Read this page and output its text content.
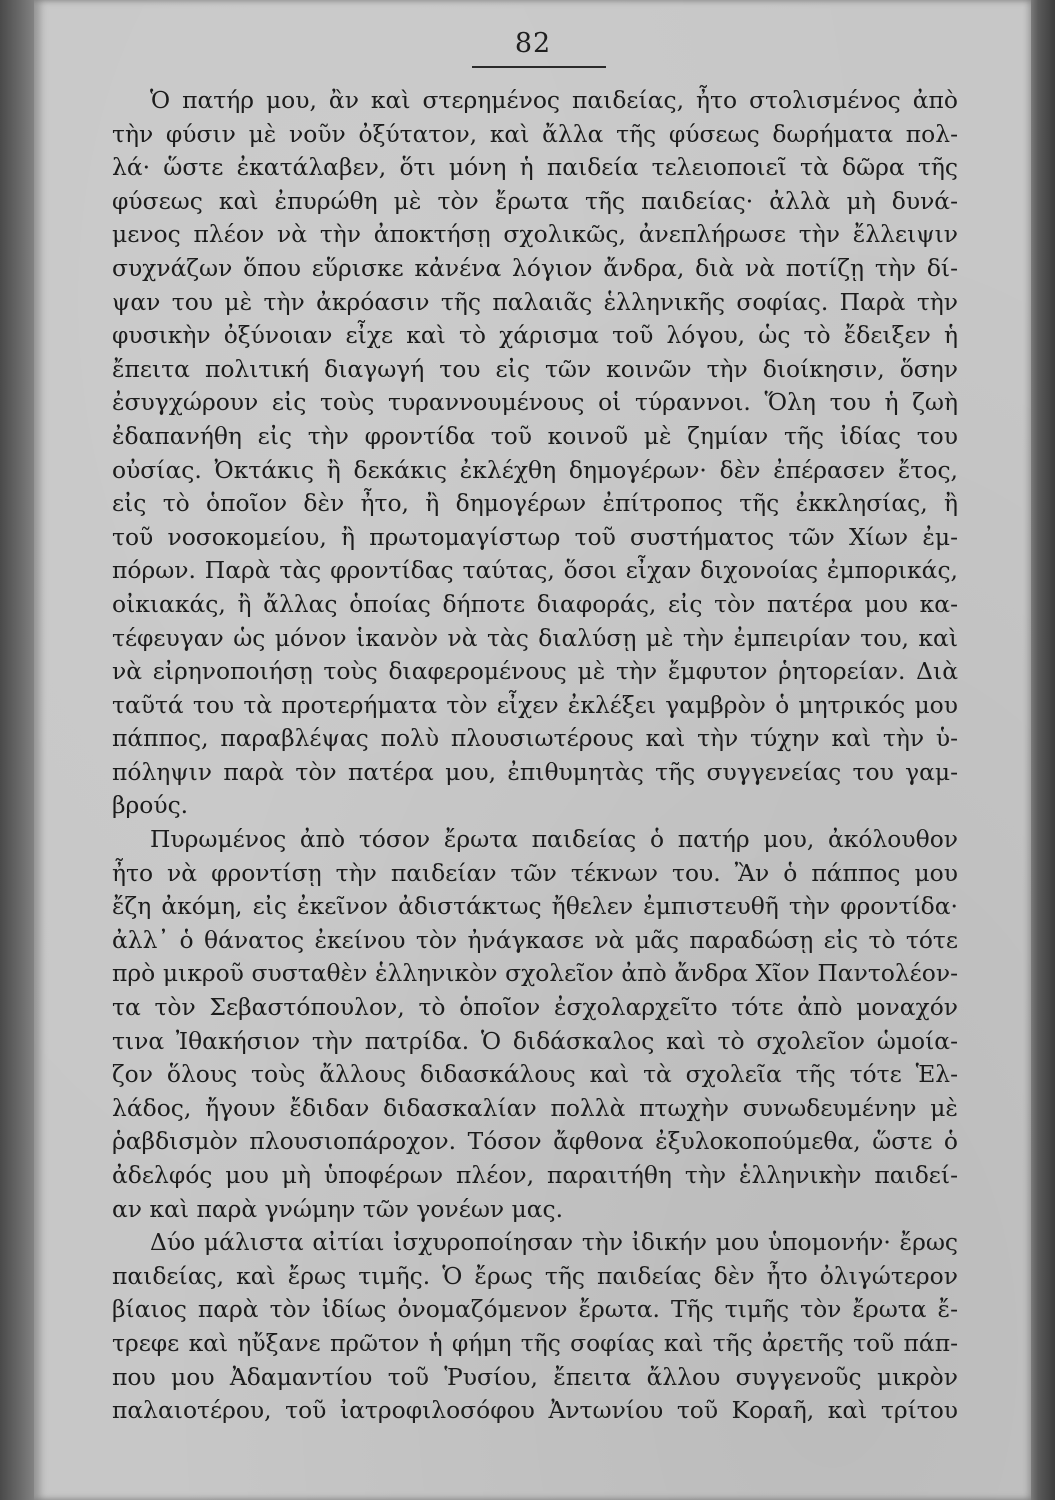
82
Ὁ πατήρ μου, ἂν καὶ στερημένος παιδείας, ἦτο στολισμένος ἀπὸ
τὴν φύσιν μὲ νοῦν ὀξύτατον, καὶ ἄλλα τῆς φύσεως δωρήματα πολ-
λά· ὥστε ἐκατάλαβεν, ὅτι μόνη ἡ παιδεία τελειοποιεῖ τὰ δῶρα τῆς
φύσεως καὶ ἐπυρώθη μὲ τὸν ἔρωτα τῆς παιδείας· ἀλλὰ μὴ δυνά-
μενος πλέον νὰ τὴν ἀποκτήσῃ σχολικῶς, ἀνεπλήρωσε τὴν ἔλλειψιν
συχνάζων ὅπου εὕρισκε κἀνένα λόγιον ἄνδρα, διὰ νὰ ποτίζῃ τὴν δί-
ψαν του μὲ τὴν ἀκρόασιν τῆς παλαιᾶς ἑλληνικῆς σοφίας. Παρὰ τὴν
φυσικὴν ὀξύνοιαν εἶχε καὶ τὸ χάρισμα τοῦ λόγου, ὡς τὸ ἔδειξεν ἡ
ἔπειτα πολιτική διαγωγή του εἰς τῶν κοινῶν τὴν διοίκησιν, ὅσην
ἐσυγχώρουν εἰς τοὺς τυραννουμένους οἱ τύραννοι. Ὅλη του ἡ ζωὴ
ἐδαπανήθη εἰς τὴν φροντίδα τοῦ κοινοῦ μὲ ζημίαν τῆς ἰδίας του
οὐσίας. Ὀκτάκις ἢ δεκάκις ἐκλέχθη δημογέρων· δὲν ἐπέρασεν ἔτος,
εἰς τὸ ὁποῖον δὲν ἦτο, ἢ δημογέρων ἐπίτροπος τῆς ἐκκλησίας, ἢ
τοῦ νοσοκομείου, ἢ πρωτομαγίστωρ τοῦ συστήματος τῶν Χίων ἐμ-
πόρων. Παρὰ τὰς φροντίδας ταύτας, ὅσοι εἶχαν διχονοίας ἐμπορικάς,
οἰκιακάς, ἢ ἄλλας ὁποίας δήποτε διαφοράς, εἰς τὸν πατέρα μου κα-
τέφευγαν ὡς μόνον ἱκανὸν νὰ τὰς διαλύσῃ μὲ τὴν ἐμπειρίαν του, καὶ
νὰ εἰρηνοποιήσῃ τοὺς διαφερομένους μὲ τὴν ἔμφυτον ῥητορείαν. Διὰ
ταῦτά του τὰ προτερήματα τὸν εἶχεν ἐκλέξει γαμβρὸν ὁ μητρικός μου
πάππος, παραβλέψας πολὺ πλουσιωτέρους καὶ τὴν τύχην καὶ τὴν ὑ-
πόληψιν παρὰ τὸν πατέρα μου, ἐπιθυμητὰς τῆς συγγενείας του γαμ-
βρούς.
Πυρωμένος ἀπὸ τόσον ἔρωτα παιδείας ὁ πατήρ μου, ἀκόλουθον
ἦτο νὰ φροντίσῃ τὴν παιδείαν τῶν τέκνων του. Ἂν ὁ πάππος μου
ἔζη ἀκόμη, εἰς ἐκεῖνον ἀδιστάκτως ἤθελεν ἐμπιστευθῆ τὴν φροντίδα·
ἀλλ᾽ ὁ θάνατος ἐκείνου τὸν ἠνάγκασε νὰ μᾶς παραδώσῃ εἰς τὸ τότε
πρὸ μικροῦ συσταθὲν ἑλληνικὸν σχολεῖον ἀπὸ ἄνδρα Χῖον Παντολέον-
τα τὸν Σεβαστόπουλον, τὸ ὁποῖον ἐσχολαρχεῖτο τότε ἀπὸ μοναχόν
τινα Ἰθακήσιον τὴν πατρίδα. Ὁ διδάσκαλος καὶ τὸ σχολεῖον ὡμοία-
ζον ὅλους τοὺς ἄλλους διδασκάλους καὶ τὰ σχολεῖα τῆς τότε Ἑλ-
λάδος, ἤγουν ἔδιδαν διδασκαλίαν πολλὰ πτωχὴν συνωδευμένην μὲ
ῥαβδισμὸν πλουσιοπάροχον. Τόσον ἄφθονα ἐξυλοκοπούμεθα, ὥστε ὁ
ἀδελφός μου μὴ ὑποφέρων πλέον, παραιτήθη τὴν ἑλληνικὴν παιδεί-
αν καὶ παρὰ γνώμην τῶν γονέων μας.
Δύο μάλιστα αἰτίαι ἰσχυροποίησαν τὴν ἰδικήν μου ὑπομονήν· ἔρως
παιδείας, καὶ ἔρως τιμῆς. Ὁ ἔρως τῆς παιδείας δὲν ἦτο ὀλιγώτερον
βίαιος παρὰ τὸν ἰδίως ὀνομαζόμενον ἔρωτα. Τῆς τιμῆς τὸν ἔρωτα ἔ-
τρεφε καὶ ηὔξανε πρῶτον ἡ φήμη τῆς σοφίας καὶ τῆς ἀρετῆς τοῦ πάπ-
που μου Ἀδαμαντίου τοῦ Ῥυσίου, ἔπειτα ἄλλου συγγενοῦς μικρὸν
παλαιοτέρου, τοῦ ἰατροφιλοσόφου Ἀντωνίου τοῦ Κοραῆ, καὶ τρίτου
